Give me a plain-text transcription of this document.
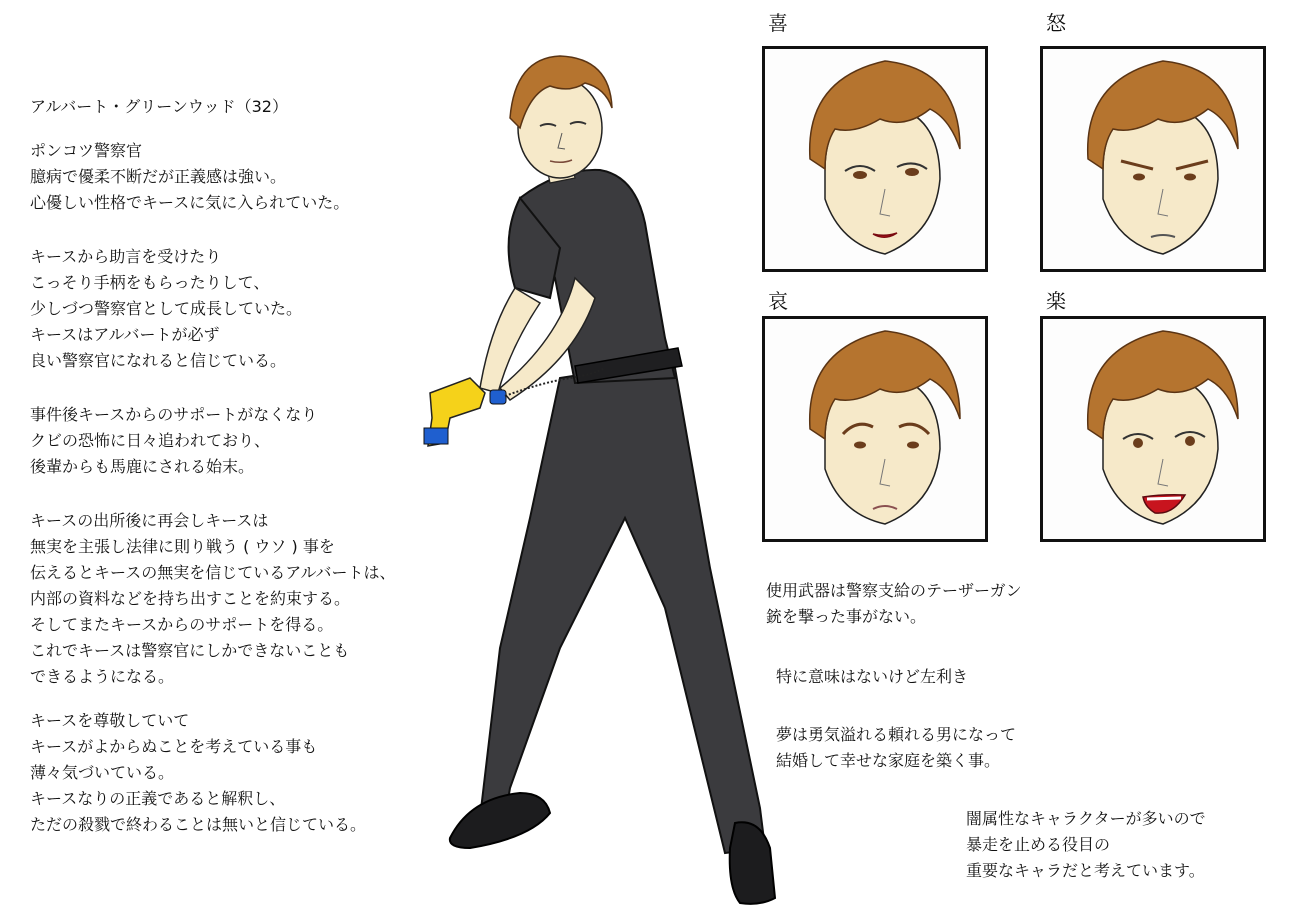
アルバート・グリーンウッド（32）

ポンコツ警察官

臆病で優柔不断だが正義感は強い。

心優しい性格でキースに気に入られていた。

キースから助言を受けたり

こっそり手柄をもらったりして、

少しづつ警察官として成長していた。

キースはアルバートが必ず

良い警察官になれると信じている。

事件後キースからのサポートがなくなり

クビの恐怖に日々追われており、

後輩からも馬鹿にされる始末。

キースの出所後に再会しキースは

無実を主張し法律に則り戦う ( ウソ ) 事を

伝えるとキースの無実を信じているアルバートは、

内部の資料などを持ち出すことを約束する。

そしてまたキースからのサポートを得る。

これでキースは警察官にしかできないことも

できるようになる。

キースを尊敬していて

キースがよからぬことを考えている事も

薄々気づいている。

キースなりの正義であると解釈し、

ただの殺戮で終わることは無いと信じている。

喜	怒
哀	楽

使用武器は警察支給のテーザーガン

銃を撃った事がない。

特に意味はないけど左利き

夢は勇気溢れる頼れる男になって

結婚して幸せな家庭を築く事。

闇属性なキャラクターが多いので

暴走を止める役目の

重要なキャラだと考えています。
